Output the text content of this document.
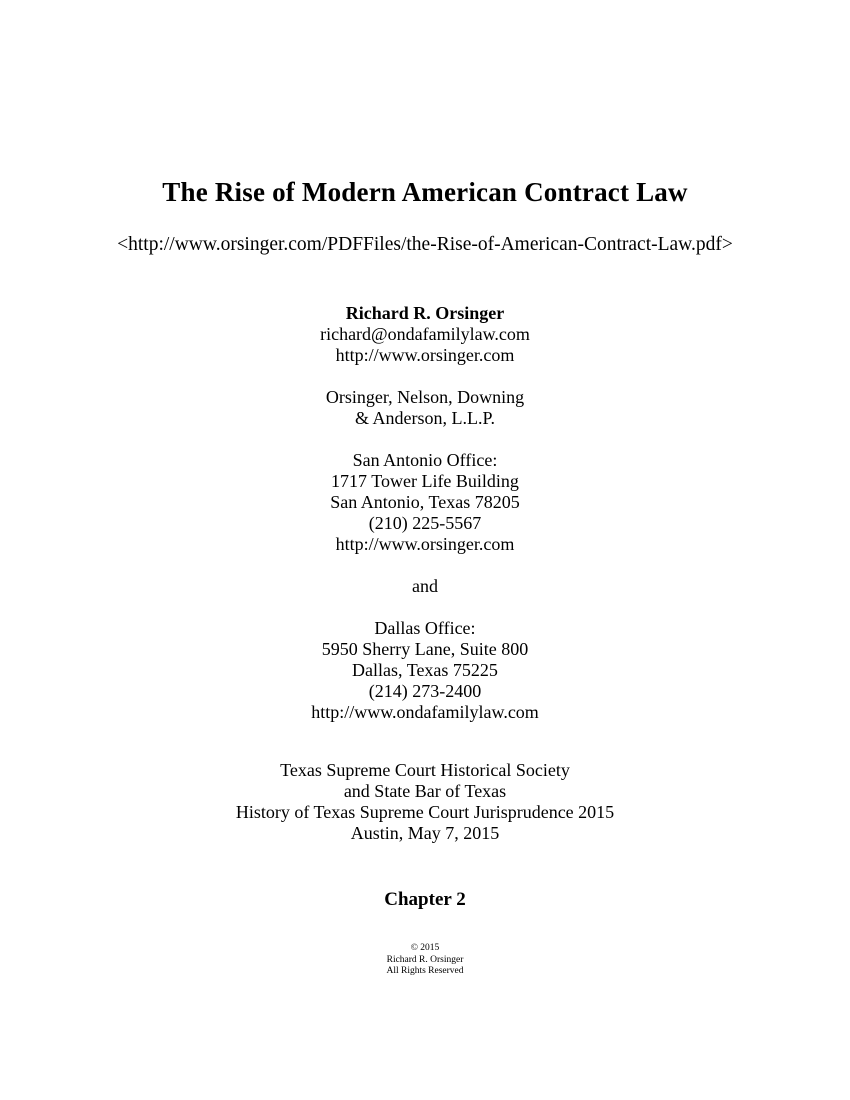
The Rise of Modern American Contract Law
<http://www.orsinger.com/PDFFiles/the-Rise-of-American-Contract-Law.pdf>
Richard R. Orsinger
richard@ondafamilylaw.com
http://www.orsinger.com
Orsinger, Nelson, Downing
& Anderson, L.L.P.
San Antonio Office:
1717 Tower Life Building
San Antonio, Texas 78205
(210) 225-5567
http://www.orsinger.com
and
Dallas Office:
5950 Sherry Lane, Suite 800
Dallas, Texas 75225
(214) 273-2400
http://www.ondafamilylaw.com
Texas Supreme Court Historical Society
and State Bar of Texas
History of Texas Supreme Court Jurisprudence 2015
Austin, May 7, 2015
Chapter 2
© 2015
Richard R. Orsinger
All Rights Reserved
